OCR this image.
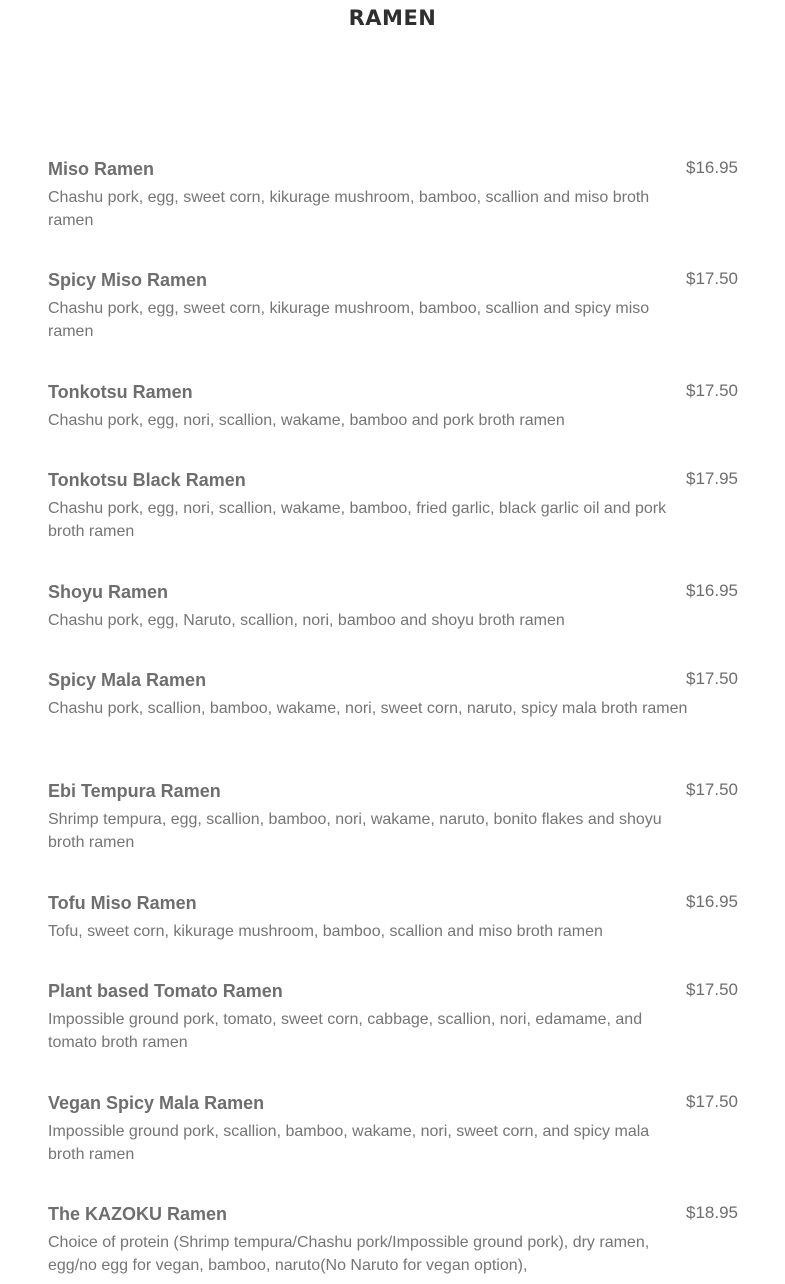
RAMEN
Miso Ramen	$16.95
Chashu pork, egg, sweet corn, kikurage mushroom, bamboo, scallion and miso broth ramen
Spicy Miso Ramen	$17.50
Chashu pork, egg, sweet corn, kikurage mushroom, bamboo, scallion and spicy miso ramen
Tonkotsu Ramen	$17.50
Chashu pork, egg, nori, scallion, wakame, bamboo and pork broth ramen
Tonkotsu Black Ramen	$17.95
Chashu pork, egg, nori, scallion, wakame, bamboo, fried garlic, black garlic oil and pork broth ramen
Shoyu Ramen	$16.95
Chashu pork, egg, Naruto, scallion, nori, bamboo and shoyu broth ramen
Spicy Mala Ramen	$17.50
Chashu pork, scallion, bamboo, wakame, nori, sweet corn, naruto, spicy mala broth ramen
Ebi Tempura Ramen	$17.50
Shrimp tempura, egg, scallion, bamboo, nori, wakame, naruto, bonito flakes and shoyu broth ramen
Tofu Miso Ramen	$16.95
Tofu, sweet corn, kikurage mushroom, bamboo, scallion and miso broth ramen
Plant based Tomato Ramen	$17.50
Impossible ground pork, tomato, sweet corn, cabbage, scallion, nori, edamame, and tomato broth ramen
Vegan Spicy Mala Ramen	$17.50
Impossible ground pork, scallion, bamboo, wakame, nori, sweet corn, and spicy mala broth ramen
The KAZOKU Ramen	$18.95
Choice of protein (Shrimp tempura/Chashu pork/Impossible ground pork), dry ramen, egg/no egg for vegan, bamboo, naruto(No Naruto for vegan option),
